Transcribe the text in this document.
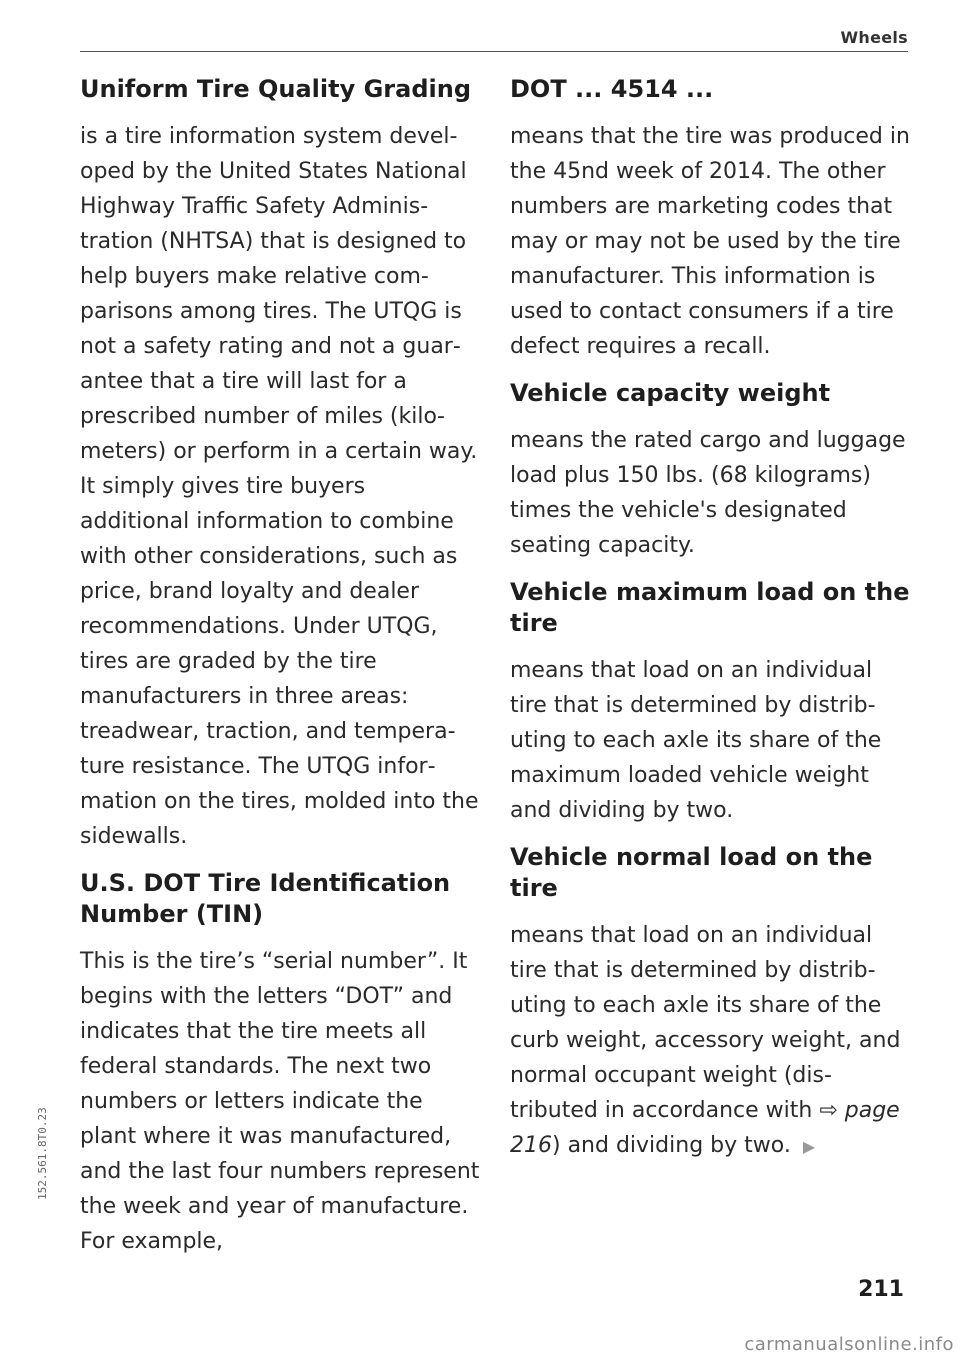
Wheels
Uniform Tire Quality Grading

is a tire information system developed by the United States National Highway Traffic Safety Administration (NHTSA) that is designed to help buyers make relative comparisons among tires. The UTQG is not a safety rating and not a guarantee that a tire will last for a prescribed number of miles (kilometers) or perform in a certain way. It simply gives tire buyers additional information to combine with other considerations, such as price, brand loyalty and dealer recommendations. Under UTQG, tires are graded by the tire manufacturers in three areas: treadwear, traction, and temperature resistance. The UTQG information on the tires, molded into the sidewalls.

U.S. DOT Tire Identification Number (TIN)

This is the tire’s “serial number”. It begins with the letters “DOT” and indicates that the tire meets all federal standards. The next two numbers or letters indicate the plant where it was manufactured, and the last four numbers represent the week and year of manufacture. For example,

DOT ... 4514 ...

means that the tire was produced in the 45nd week of 2014. The other numbers are marketing codes that may or may not be used by the tire manufacturer. This information is used to contact consumers if a tire defect requires a recall.

Vehicle capacity weight

means the rated cargo and luggage load plus 150 lbs. (68 kilograms) times the vehicle's designated seating capacity.

Vehicle maximum load on the tire

means that load on an individual tire that is determined by distributing to each axle its share of the maximum loaded vehicle weight and dividing by two.

Vehicle normal load on the tire

means that load on an individual tire that is determined by distributing to each axle its share of the curb weight, accessory weight, and normal occupant weight (distributed in accordance with ⇨ page 216) and dividing by two. ▶

152.561.8T0.23
211
carmanualsonline.info
